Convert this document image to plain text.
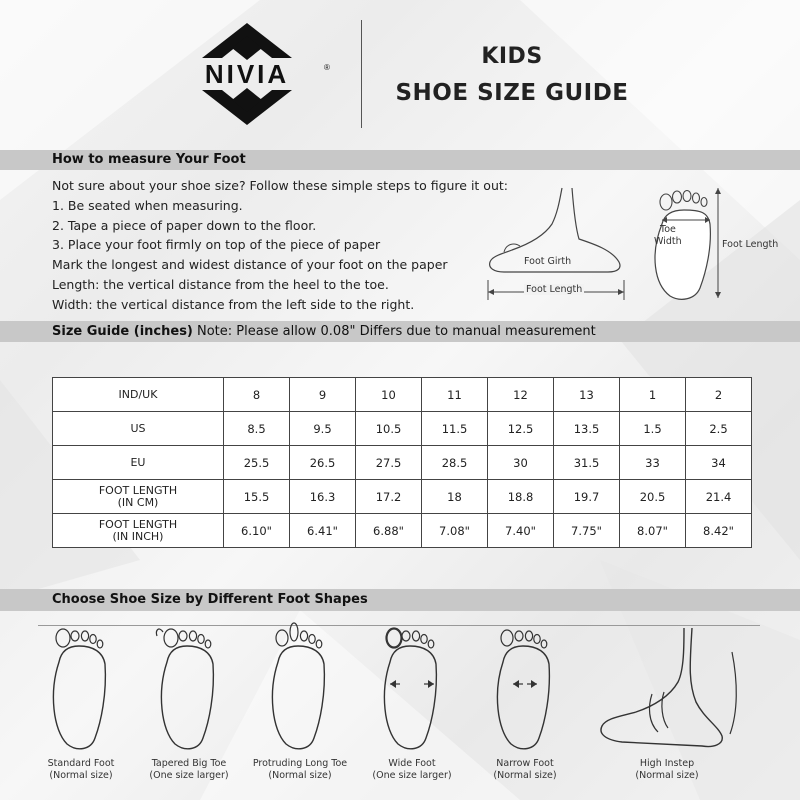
NIVIA	®	KIDS
SHOE SIZE GUIDE
How to measure Your Foot
Not sure about your shoe size? Follow these simple steps to figure it out:
1. Be seated when measuring.
2. Tape a piece of paper down to the floor.
3. Place your foot firmly on top of the piece of paper
Mark the longest and widest distance of your foot on the paper
Length: the vertical distance from the heel to the toe.
Width: the vertical distance from the left side to the right.
Foot Girth
Foot Length
Toe
Width	Foot Length
Size Guide (inches) Note: Please allow 0.08" Differs due to manual measurement
IND/UK	8	9	10	11	12	13	1	2
US	8.5	9.5	10.5	11.5	12.5	13.5	1.5	2.5
EU	25.5	26.5	27.5	28.5	30	31.5	33	34
FOOT LENGTH
(IN CM)	15.5	16.3	17.2	18	18.8	19.7	20.5	21.4
FOOT LENGTH
(IN INCH)	6.10"	6.41"	6.88"	7.08"	7.40"	7.75"	8.07"	8.42"
Choose Shoe Size by Different Foot Shapes
Standard Foot
(Normal size)
Tapered Big Toe
(One size larger)
Protruding Long Toe
(Normal size)
Wide Foot
(One size larger)
Narrow Foot
(Normal size)
High Instep
(Normal size)
